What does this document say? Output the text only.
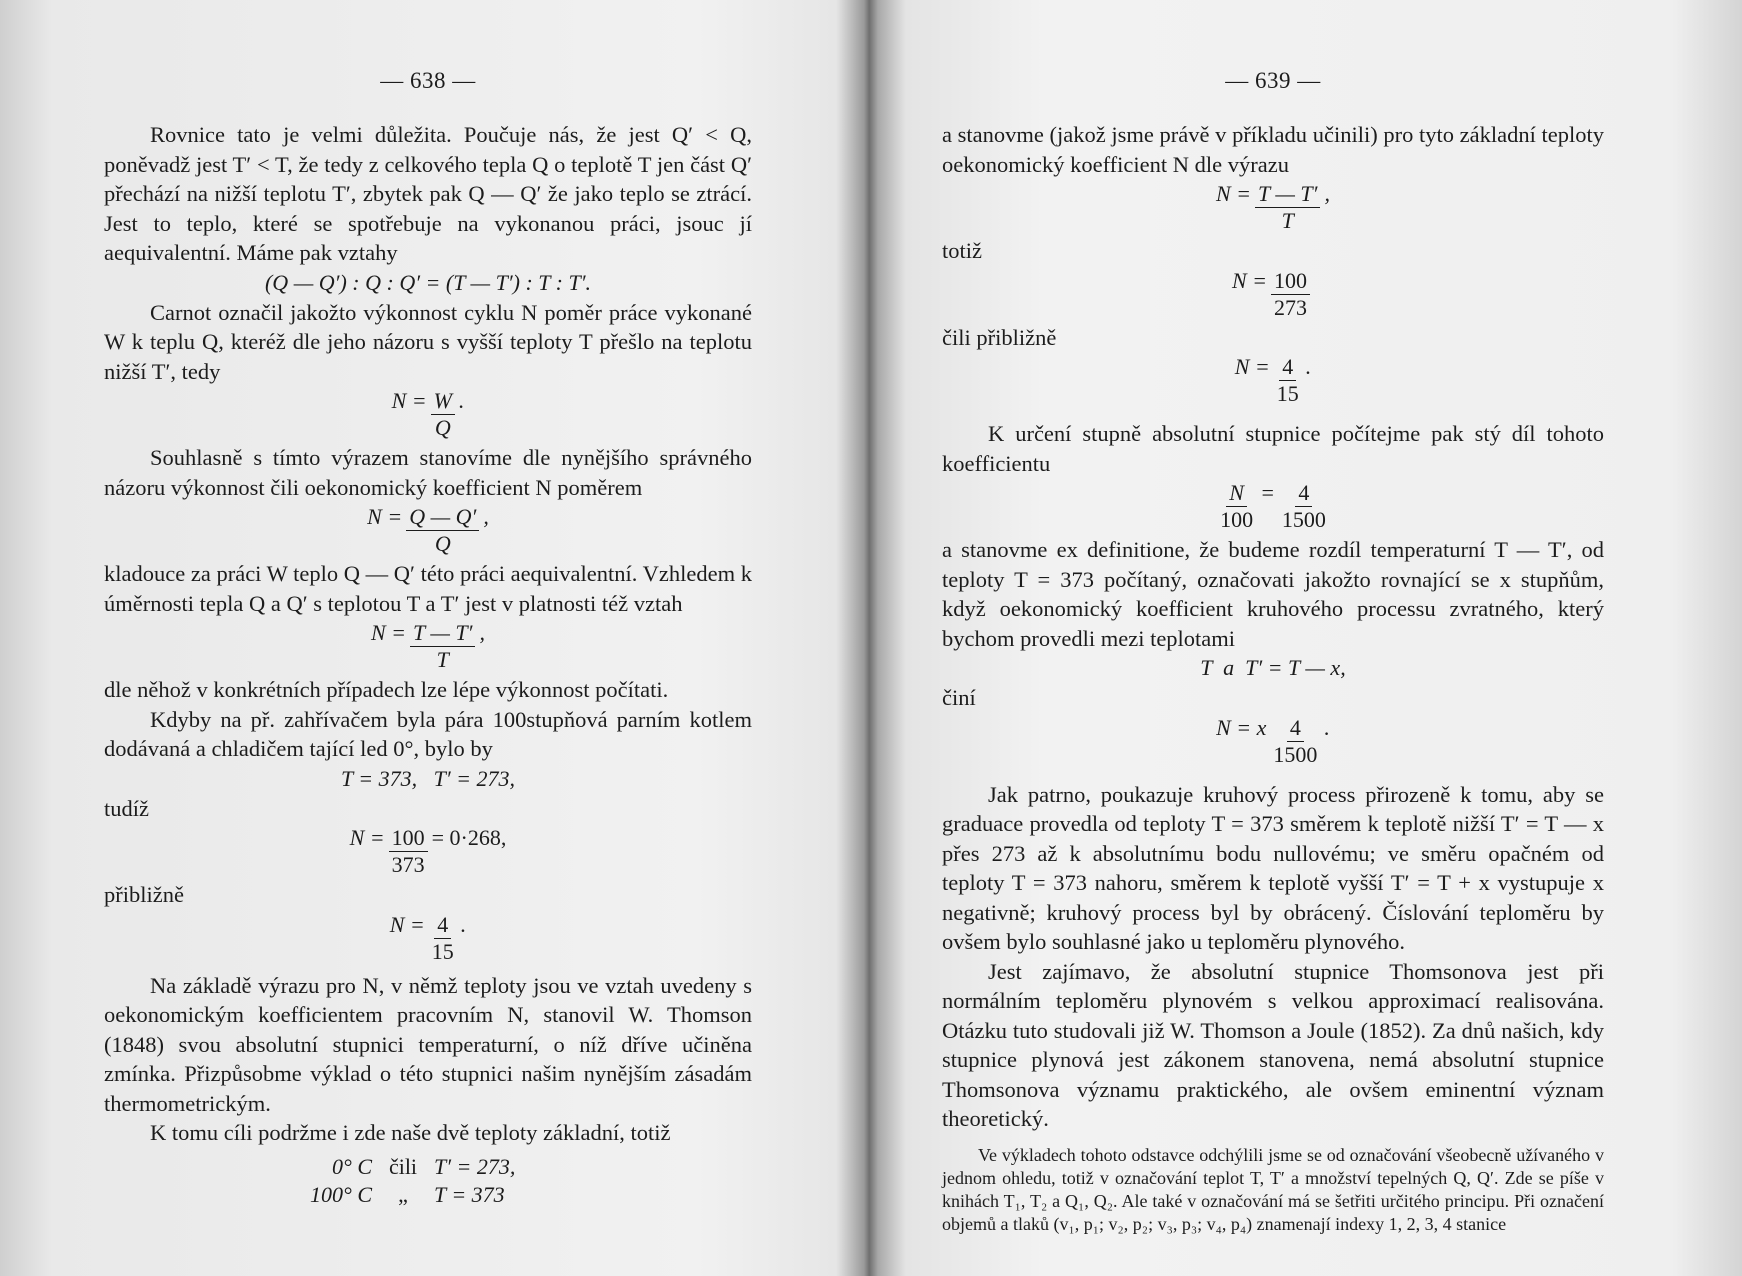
— 638 —

Rovnice tato je velmi důležita. Poučuje nás, že jest Q′ < Q, poněvadž jest T′ < T, že tedy z celkového tepla Q o teplotě T jen část Q′ přechází na nižší teplotu T′, zbytek pak Q — Q′ že jako teplo se ztrácí. Jest to teplo, které se spotřebuje na vykonanou práci, jsouc jí aequivalentní. Máme pak vztahy

(Q — Q′) : Q : Q′ = (T — T′) : T : T′.

Carnot označil jakožto výkonnost cyklu N poměr práce vykonané W k teplu Q, kteréž dle jeho názoru s vyšší teploty T přešlo na teplotu nižší T′, tedy

$N = \frac{W}{Q}$ .

Souhlasně s tímto výrazem stanovíme dle nynějšího správného názoru výkonnost čili oekonomický koefficient N poměrem

$N = \frac{Q — Q'}{Q}$ ,

kladouce za práci W teplo Q — Q′ této práci aequivalentní. Vzhledem k úměrnosti tepla Q a Q′ s teplotou T a T′ jest v platnosti též vztah

$N = \frac{T — T'}{T}$ ,

dle něhož v konkrétních případech lze lépe výkonnost počítati.

Kdyby na př. zahřívačem byla pára 100stupňová parním kotlem dodávaná a chladičem tající led 0°, bylo by

T = 373,   T′ = 273,
tudíž
$N = \frac{100}{373} = 0\cdot 268$,
přibližně
$N = \frac{4}{15}$ .

Na základě výrazu pro N, v němž teploty jsou ve vztah uvedeny s oekonomickým koefficientem pracovním N, stanovil W. Thomson (1848) svou absolutní stupnici temperaturní, o níž dříve učiněna zmínka. Přizpůsobme výklad o této stupnici našim nynějším zásadám thermometrickým.

K tomu cíli podržme i zde naše dvě teploty základní, totiž

0° C čili T′ = 273,
100° C	„	T = 373
— 639 —

a stanovme (jakož jsme právě v příkladu učinili) pro tyto základní teploty oekonomický koefficient N dle výrazu

$N = \frac{T — T'}{T}$ ,
totiž
$N = \frac{100}{273}$
čili přibližně
$N = \frac{4}{15}$ .

K určení stupně absolutní stupnice počítejme pak stý díl tohoto koefficientu

$\frac{N}{100} = \frac{4}{1500}$

a stanovme ex definitione, že budeme rozdíl temperaturní T — T′, od teploty T = 373 počítaný, označovati jakožto rovnající se x stupňům, když oekonomický koefficient kruhového processu zvratného, který bychom provedli mezi teplotami

T  a  T′ = T — x,
činí
N = x $\frac{4}{1500}$ .

Jak patrno, poukazuje kruhový process přirozeně k tomu, aby se graduace provedla od teploty T = 373 směrem k teplotě nižší T′ = T — x přes 273 až k absolutnímu bodu nullovému; ve směru opačném od teploty T = 373 nahoru, směrem k teplotě vyšší T′ = T + x vystupuje x negativně; kruhový process byl by obrácený. Číslování teploměru by ovšem bylo souhlasné jako u teploměru plynového.

Jest zajímavo, že absolutní stupnice Thomsonova jest při normálním teploměru plynovém s velkou approximací realisována. Otázku tuto studovali již W. Thomson a Joule (1852). Za dnů našich, kdy stupnice plynová jest zákonem stanovena, nemá absolutní stupnice Thomsonova významu praktického, ale ovšem eminentní význam theoretický.

Ve výkladech tohoto odstavce odchýlili jsme se od označování všeobecně užívaného v jednom ohledu, totiž v označování teplot T, T′ a množství tepelných Q, Q′. Zde se píše v knihách T₁, T₂ a Q₁, Q₂. Ale také v označování má se šetřiti určitého principu. Při označení objemů a tlaků (v₁, p₁; v₂, p₂; v₃, p₃; v₄, p₄) znamenají indexy 1, 2, 3, 4 stanice
